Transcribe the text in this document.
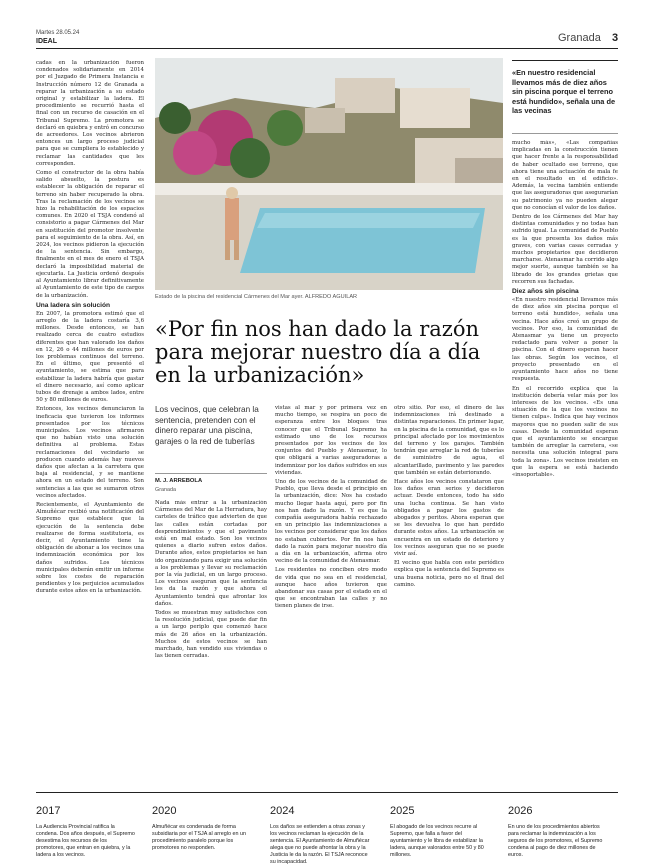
Martes 28.05.24
IDEAL	Granada 3

cadas en la urbanización fueron condenados solidariamente en 2014 por el Juzgado de Primera Instancia e Instrucción número 12 de Granada a reparar la urbanización a su estado original y estabilizar la ladera. El procedimiento se recurrió hasta el final con un recurso de casación en el Tribunal Supremo. La promotora se declaró en quiebra y entró en concurso de acreedores. Los vecinos abrieron entonces un largo proceso judicial para que se cumpliera lo establecido y reclamar las cantidades que les corresponden.

Como el constructor de la obra había salido absuelto, la postura es establecer la obligación de reparar el terreno sin haber recuperado la obra. Tras la reclamación de los vecinos se hizo la rehabilitación de los espacios comunes. En 2020 el TSJA condenó al consistorio a pagar Cármenes del Mar en sustitución del promotor insolvente para el seguimiento de la obra. Así, en 2024, los vecinos pidieron la ejecución de la sentencia. Sin embargo, finalmente en el mes de enero el TSJA declaró la imposibilidad material de ejecutarla. La Justicia ordenó después al Ayuntamiento librar definitivamente al Ayuntamiento de este tipo de cargos de la urbanización.

Una ladera sin solución

En 2007, la promotora estimó que el arreglo de la ladera costaría 3,6 millones. Desde entonces, se han realizado cerca de cuatro estudios diferentes que han valorado los daños en 12, 26 o 44 millones de euros por los problemas continuos del terreno. En el último, que presentó el ayuntamiento, se estima que para estabilizar la ladera habría que gastar el dinero necesario, así como aplicar tubos de drenaje a ambos lados, entre 50 y 80 millones de euros.

Entonces, los vecinos denunciaron la ineficacia que tuvieron los informes presentados por los técnicos municipales. Los vecinos afirmaron que no habían visto una solución definitiva al problema. Estas reclamaciones del vecindario se producen cuando además hay nuevos daños que afectan a la carretera que baja al residencial, y se mantiene ahora en un estado del terreno. Son sentencias a las que se sumaron otros vecinos afectados.

Recientemente, el Ayuntamiento de Almuñécar recibió una notificación del Supremo que establece que la ejecución de la sentencia debe realizarse de forma sustitutoria, es decir, el Ayuntamiento tiene la obligación de abonar a los vecinos una indemnización económica por los daños sufridos. Los técnicos municipales deberán emitir un informe sobre los costes de reparación pendientes y los perjuicios acumulados durante estos años en la urbanización.

Estado de la piscina del residencial Cármenes del Mar ayer. ALFREDO AGUILAR
«En nuestro residencial llevamos más de diez años sin piscina porque el terreno está hundido», señala una de las vecinas

mucho más», «Las compañías implicadas en la construcción tienen que hacer frente a la responsabilidad de haber ocultado ese terreno, que ahora tiene una actuación de mala fe en el resultado en el edificio». Además, la vecina también entiende que las aseguradoras que asegurarían su patrimonio ya no pueden alegar que no conocían el valor de los daños.

Dentro de los Cármenes del Mar hay distintas comunidades y no todas han sufrido igual. La comunidad de Pueblo es la que presenta los daños más graves, con varias casas cerradas y muchos propietarios que decidieron marcharse. Atenasmar ha corrido algo mejor suerte, aunque también se ha librado de los grandes grietas que recorren sus fachadas.

Diez años sin piscina

«En nuestro residencial llevamos más de diez años sin piscina porque el terreno está hundido», señala una vecina. Hace años creó un grupo de vecinos. Por eso, la comunidad de Atenasmar ya tiene un proyecto redactado para volver a poner la piscina. Con el dinero esperan hacer las obras. Según los vecinos, el proyecto presentado en el ayuntamiento hace años no tiene respuesta.

En el recorrido explica que la institución debería velar más por los intereses de los vecinos. «Es una situación de la que los vecinos no tienen culpa». Indica que hay vecinos mayores que no pueden salir de sus casas. Desde la comunidad esperan que el ayuntamiento se encargue también de arreglar la carretera, «se necesita una solución integral para toda la zona». Los vecinos insisten en que la espera se está haciendo «insoportable».

«Por fin nos han dado la razón para mejorar nuestro día a día en la urbanización»
Los vecinos, que celebran la sentencia, pretenden con el dinero reparar una piscina, garajes o la red de tuberías
M. J. ARREBOLA
Granada

Nada más entrar a la urbanización Cármenes del Mar de La Herradura, hay carteles de tráfico que advierten de que las calles están cortadas por desprendimientos y que el pavimento está en mal estado. Son los vecinos quienes a diario sufren estos daños. Durante años, estos propietarios se han ido organizando para exigir una solución a los problemas y llevar su reclamación por la vía judicial, en un largo proceso. Los vecinos aseguran que la sentencia les da la razón y que ahora el Ayuntamiento tendrá que afrontar los daños.

Todos se muestran muy satisfechos con la resolución judicial, que puede dar fin a un largo periplo que comenzó hace más de 26 años en la urbanización. Muchos de estos vecinos se han marchado, han vendido sus viviendas o las tienen cerradas.

vistas al mar y por primera vez en mucho tiempo, se respira un poco de esperanza entre los bloques tras conocer que el Tribunal Supremo ha estimado uno de los recursos presentados por los vecinos de los conjuntos del Pueblo y Atenasmar, lo que obligará a varias aseguradoras a indemnizar por los daños sufridos en sus viviendas.

Uno de los vecinos de la comunidad de Pueblo, que lleva desde el principio en la urbanización, dice: Nos ha costado mucho llegar hasta aquí, pero por fin nos han dado la razón. Y es que la compañía aseguradora había rechazado en un principio las indemnizaciones a los vecinos por considerar que los daños no estaban cubiertos. Por fin nos han dado la razón para mejorar nuestro día a día en la urbanización, afirma otro vecino de la comunidad de Atenasmar.

Los residentes no conciben otro modo de vida que no sea en el residencial, aunque hace años tuvieron que abandonar sus casas por el estado en el que se encontraban las calles y no tienen planes de irse.

otro sitio. Por eso, el dinero de las indemnizaciones irá destinado a distintas reparaciones. En primer lugar, en la piscina de la comunidad, que es lo principal afectado por los movimientos del terreno y los garajes. También tendrán que arreglar la red de tuberías de suministro de agua, el alcantarillado, pavimento y las paredes que también se están deteriorando.

Hace años los vecinos constataron que los daños eran serios y decidieron actuar. Desde entonces, todo ha sido una lucha continua. Se han visto obligados a pagar los gastos de abogados y peritos. Ahora esperan que se les devuelva lo que han perdido durante estos años. La urbanización se encuentra en un estado de deterioro y los vecinos aseguran que no se puede vivir así.

El vecino que habla con este periódico explica que la sentencia del Supremo es una buena noticia, pero no el final del camino.

2017
La Audiencia Provincial ratifica la condena. Dos años después, el Supremo desestima los recursos de los promotores, que entran en quiebra, y la ladera a los vecinos.
2020
Almuñécar es condenada de forma subsidiaria por el TSJA al arreglo en un procedimiento paralelo porque los promotores no responden.
2024
Los daños se extienden a otras zonas y los vecinos reclaman la ejecución de la sentencia. El Ayuntamiento de Almuñécar alega que no puede afrontar la obra y la Justicia le da la razón. El TSJA reconoce su incapacidad.
2025
El abogado de los vecinos recurre al Supremo, que falla a favor del ayuntamiento y le libra de estabilizar la ladera, aunque valorados entre 50 y 80 millones.
2026
En uno de los procedimientos abiertos para reclamar la indemnización a los seguros de los promotores, el Supremo condena al pago de diez millones de euros.
